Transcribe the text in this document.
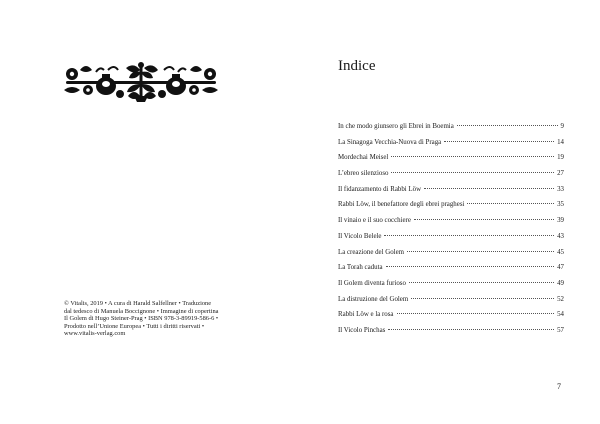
© Vitalis, 2019 • A cura di Harald Salfellner • Traduzione
dal tedesco di Manuela Boccignone • Immagine di copertina
Il Golem di Hugo Steiner-Prag • ISBN 978-3-89919-586-6 •
Prodotto nell’Unione Europea • Tutti i diritti riservati •
www.vitalis-verlag.com
Indice
In che modo giunsero gli Ebrei in Boemia	9
La Sinagoga Vecchia-Nuova di Praga	14
Mordechai Meisel	19
L’ebreo silenzioso	27
Il fidanzamento di Rabbi Löw	33
Rabbi Löw, il benefattore degli ebrei praghesi	35
Il vinaio e il suo cocchiere	39
Il Vicolo Belele	43
La creazione del Golem	45
La Torah caduta	47
Il Golem diventa furioso	49
La distruzione del Golem	52
Rabbi Löw e la rosa	54
Il Vicolo Pinchas	57
7
